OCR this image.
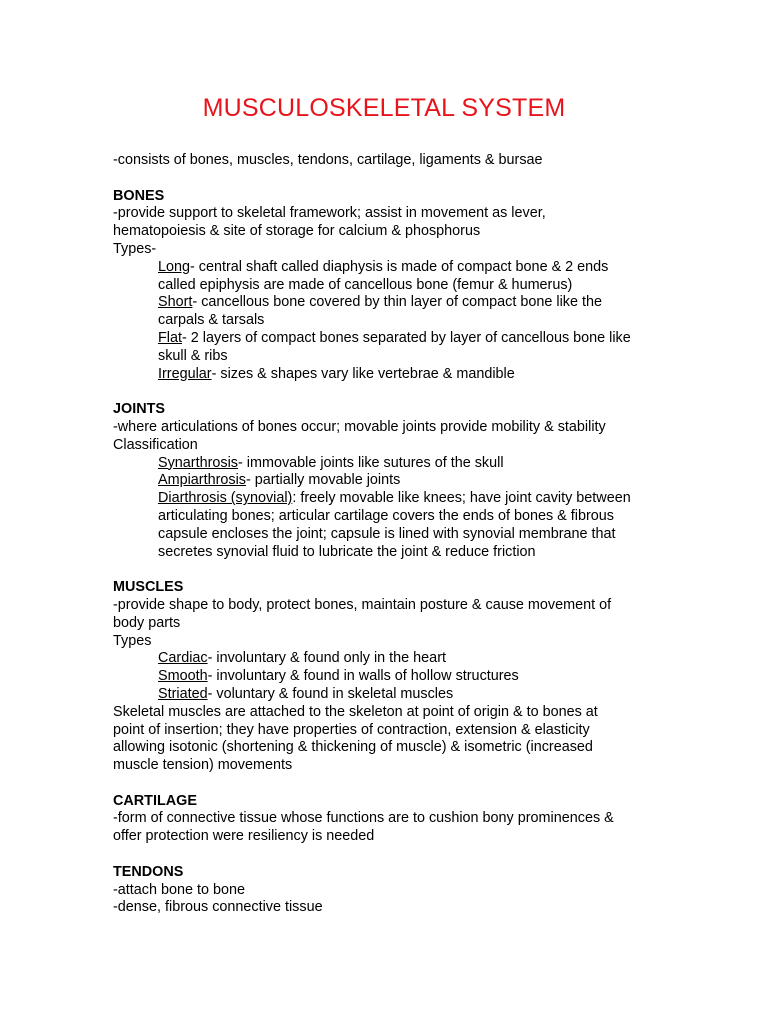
MUSCULOSKELETAL SYSTEM
-consists of bones, muscles, tendons, cartilage, ligaments & bursae
BONES
-provide support to skeletal framework; assist in movement as lever,
hematopoiesis & site of storage for calcium & phosphorus
Types-
Long- central shaft called diaphysis is made of compact bone & 2 ends
called epiphysis are made of cancellous bone (femur & humerus)
Short- cancellous bone covered by thin layer of compact bone like the
carpals & tarsals
Flat- 2 layers of compact bones separated by layer of cancellous bone like
skull & ribs
Irregular- sizes & shapes vary like vertebrae & mandible
JOINTS
-where articulations of bones occur; movable joints provide mobility & stability
Classification
Synarthrosis- immovable joints like sutures of the skull
Ampiarthrosis- partially movable joints
Diarthrosis (synovial): freely movable like knees; have joint cavity between
articulating bones; articular cartilage covers the ends of bones & fibrous
capsule encloses the joint; capsule is lined with synovial membrane that
secretes synovial fluid to lubricate the joint & reduce friction
MUSCLES
-provide shape to body, protect bones, maintain posture & cause movement of
body parts
Types
Cardiac- involuntary & found only in the heart
Smooth- involuntary & found in walls of hollow structures
Striated- voluntary & found in skeletal muscles
Skeletal muscles are attached to the skeleton at point of origin & to bones at
point of insertion; they have properties of contraction, extension & elasticity
allowing isotonic (shortening & thickening of muscle) & isometric (increased
muscle tension) movements
CARTILAGE
-form of connective tissue whose functions are to cushion bony prominences &
offer protection were resiliency is needed
TENDONS
-attach bone to bone
-dense, fibrous connective tissue
